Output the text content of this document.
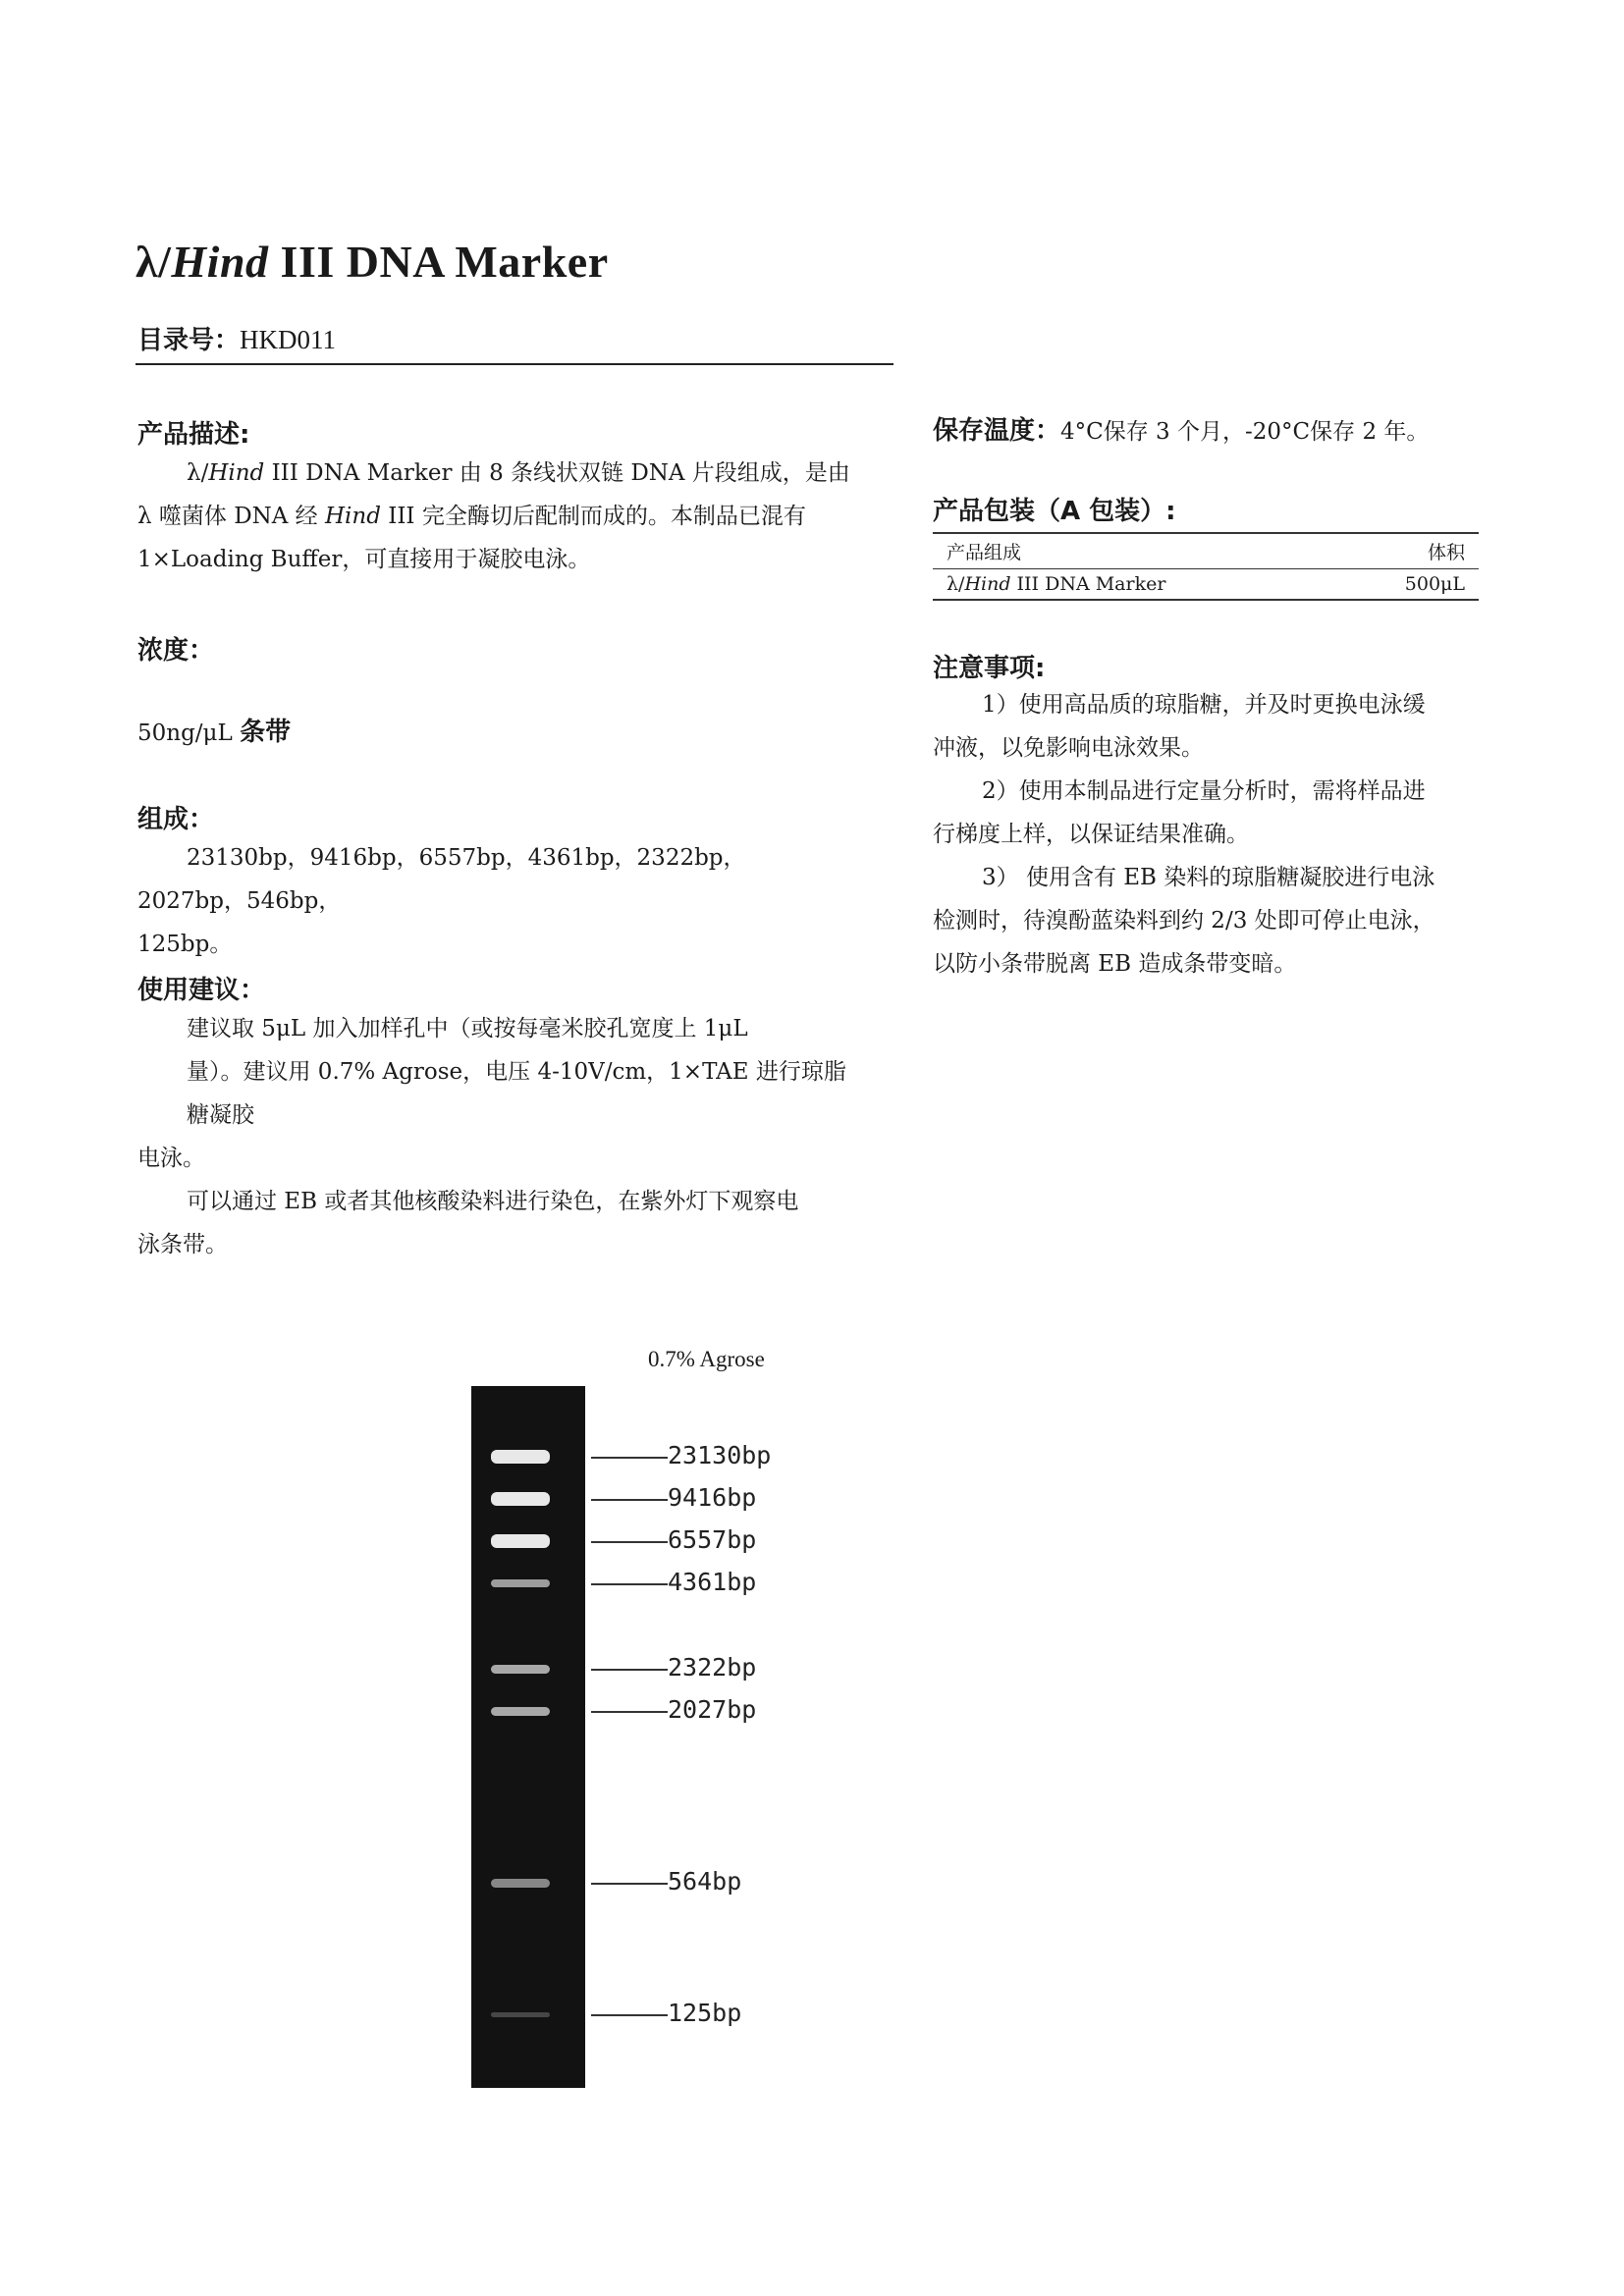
λ/Hind III DNA Marker
目录号：HKD011
产品描述:
λ/Hind III DNA Marker 由 8 条线状双链 DNA 片段组成，是由
λ 噬菌体 DNA 经 Hind III 完全酶切后配制而成的。本制品已混有
1×Loading Buffer，可直接用于凝胶电泳。
浓度：
50ng/μL 条带
组成：
23130bp，9416bp，6557bp，4361bp，2322bp，2027bp，546bp，
125bp。
使用建议：
建议取 5μL 加入加样孔中（或按每毫米胶孔宽度上 1μL
量）。建议用 0.7% Agrose，电压 4-10V/cm，1×TAE 进行琼脂
糖凝胶
电泳。
可以通过 EB 或者其他核酸染料进行染色，在紫外灯下观察电
泳条带。
保存温度：4°C保存 3 个月，-20°C保存 2 年。
产品包装（A 包装）:
产品组成	体积
λ/Hind III DNA Marker	500μL
注意事项:
1）使用高品质的琼脂糖，并及时更换电泳缓
冲液，以免影响电泳效果。
2）使用本制品进行定量分析时，需将样品进
行梯度上样，以保证结果准确。
3） 使用含有 EB 染料的琼脂糖凝胶进行电泳
检测时，待溴酚蓝染料到约 2/3 处即可停止电泳，
以防小条带脱离 EB 造成条带变暗。
0.7% Agrose
23130bp
9416bp
6557bp
4361bp
2322bp
2027bp
564bp
125bp
